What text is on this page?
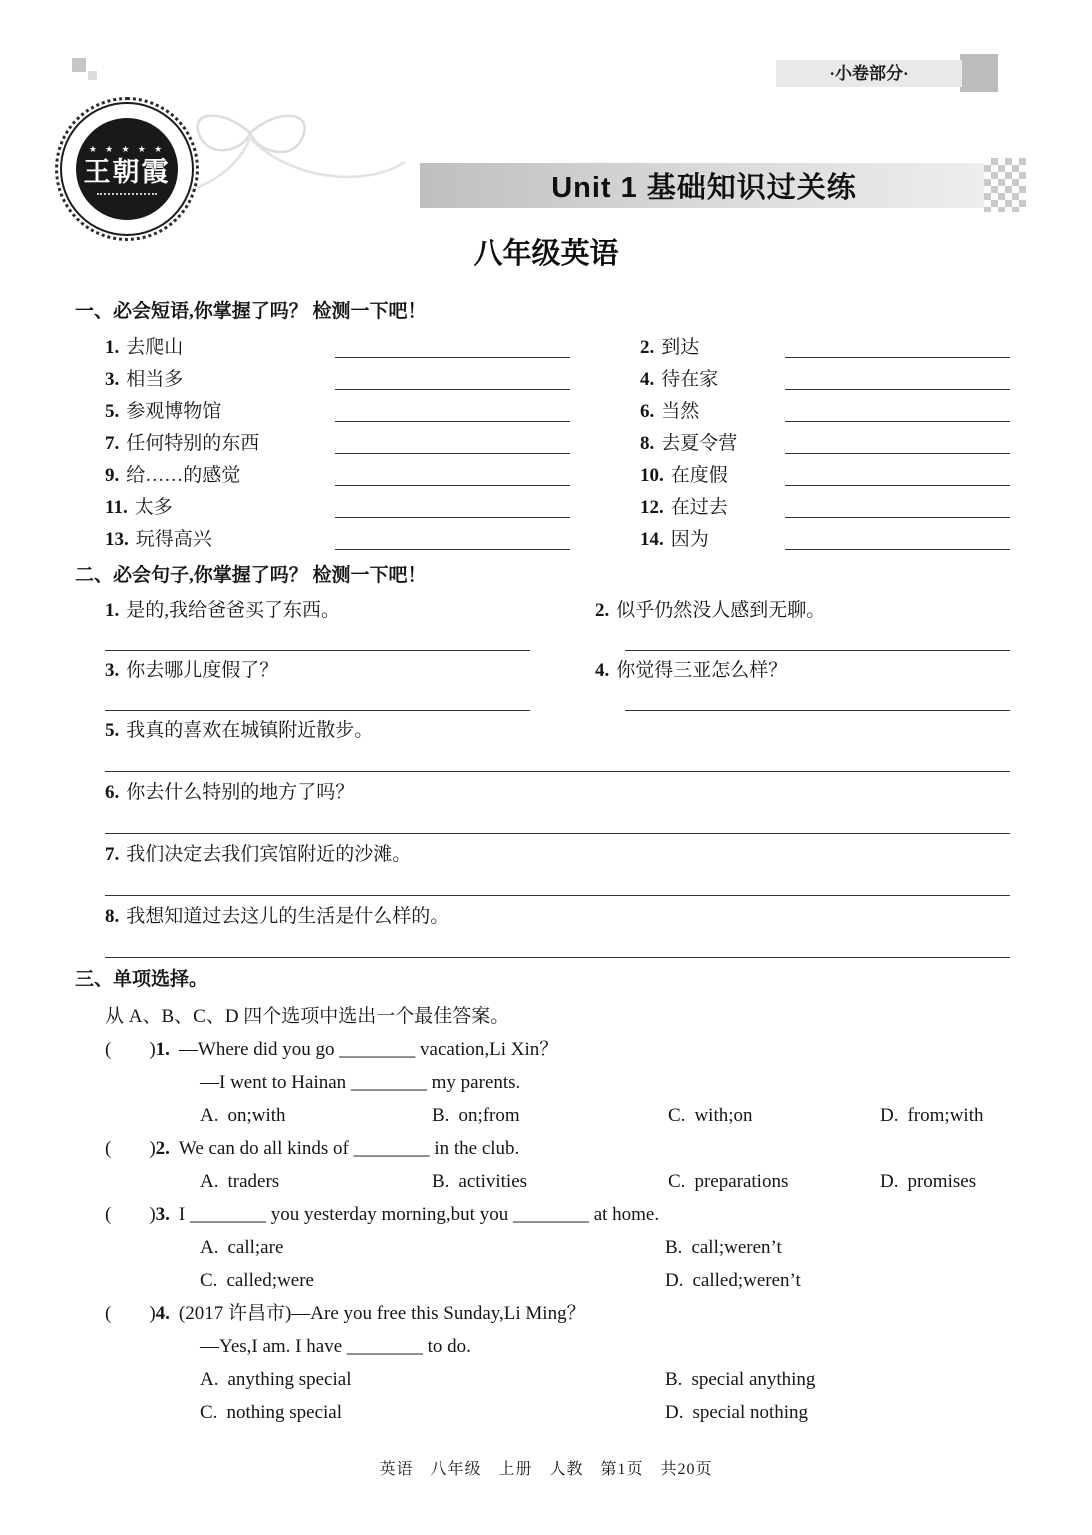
·小卷部分·
★ ★ ★ ★ ★
王朝霞	Unit 1 基础知识过关练
八年级英语
一、必会短语,你掌握了吗？ 检测一下吧！
1. 去爬山	2. 到达
3. 相当多	4. 待在家
5. 参观博物馆	6. 当然
7. 任何特别的东西	8. 去夏令营
9. 给……的感觉	10. 在度假
11. 太多	12. 在过去
13. 玩得高兴	14. 因为
二、必会句子,你掌握了吗？ 检测一下吧！
1. 是的,我给爸爸买了东西。	2. 似乎仍然没人感到无聊。
3. 你去哪儿度假了？	4. 你觉得三亚怎么样？
5. 我真的喜欢在城镇附近散步。
6. 你去什么特别的地方了吗？
7. 我们决定去我们宾馆附近的沙滩。
8. 我想知道过去这儿的生活是什么样的。
三、单项选择。
从 A、B、C、D 四个选项中选出一个最佳答案。
(　　)1. —Where did you go ________ vacation,Li Xin？
—I went to Hainan ________ my parents.
A. on;with	B. on;from	C. with;on	D. from;with
(　　)2. We can do all kinds of ________ in the club.
A. traders	B. activities	C. preparations	D. promises
(　　)3. I ________ you yesterday morning,but you ________ at home.
A. call;are	B. call;weren’t
C. called;were	D. called;weren’t
(　　)4. (2017 许昌市)—Are you free this Sunday,Li Ming？
—Yes,I am. I have ________ to do.
A. anything special	B. special anything
C. nothing special	D. special nothing
英语　八年级　上册　人教　第1页　共20页
